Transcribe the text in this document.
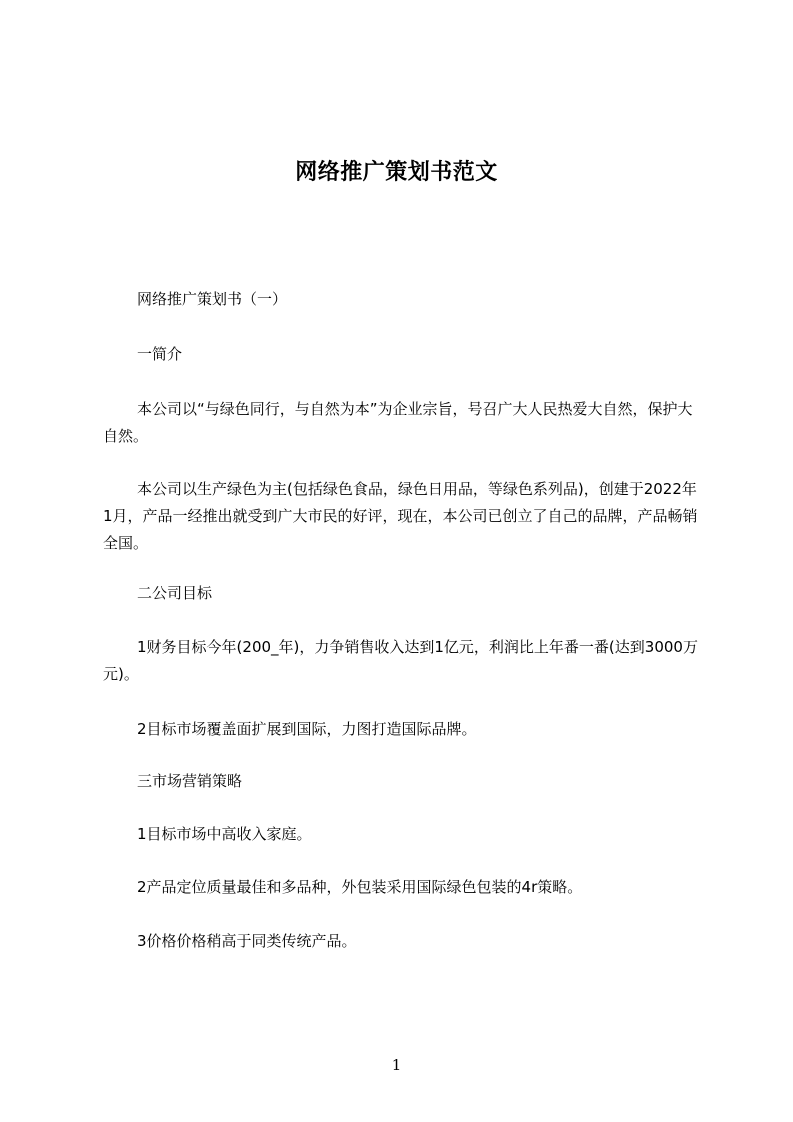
网络推广策划书范文

网络推广策划书（一）

一简介

本公司以“与绿色同行，与自然为本”为企业宗旨，号召广大人民热爱大自然，保护大自然。

本公司以生产绿色为主(包括绿色食品，绿色日用品，等绿色系列品)，创建于2022年1月，产品一经推出就受到广大市民的好评，现在，本公司已创立了自己的品牌，产品畅销全国。

二公司目标

1财务目标今年(200_年)，力争销售收入达到1亿元，利润比上年番一番(达到3000万元)。

2目标市场覆盖面扩展到国际，力图打造国际品牌。

三市场营销策略

1目标市场中高收入家庭。

2产品定位质量最佳和多品种，外包装采用国际绿色包装的4r策略。

3价格价格稍高于同类传统产品。

1
